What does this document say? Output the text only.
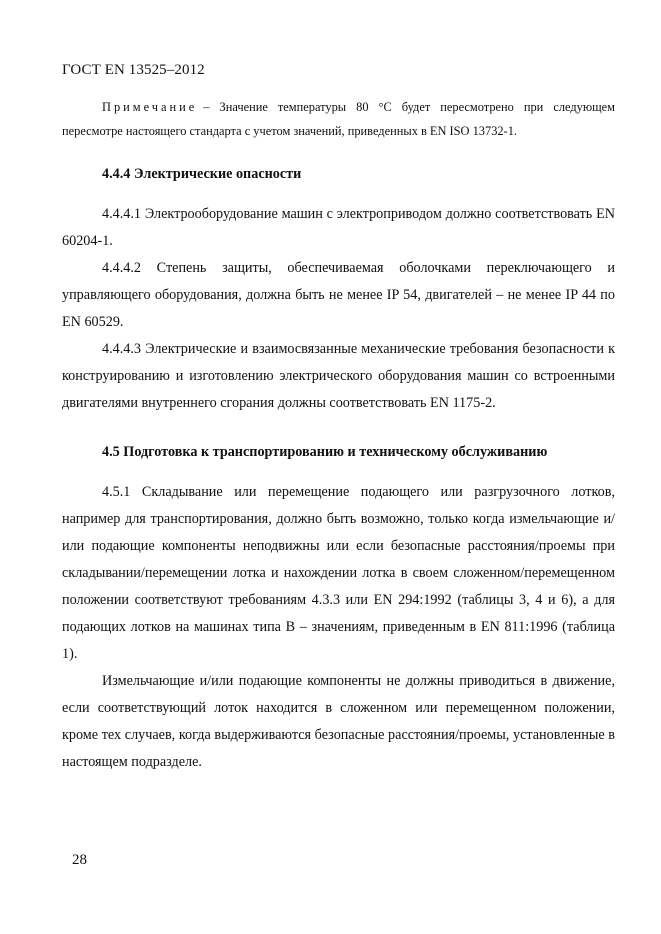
ГОСТ EN 13525–2012
Примечание – Значение температуры 80 °C будет пересмотрено при следующем пересмотре настоящего стандарта с учетом значений, приведенных в EN ISO 13732-1.
4.4.4 Электрические опасности

4.4.4.1 Электрооборудование машин с электроприводом должно соответствовать EN 60204-1.

4.4.4.2 Степень защиты, обеспечиваемая оболочками переключающего и управляющего оборудования, должна быть не менее IP 54, двигателей – не менее IP 44 по EN 60529.

4.4.4.3 Электрические и взаимосвязанные механические требования безопасности к конструированию и изготовлению электрического оборудования машин со встроенными двигателями внутреннего сгорания должны соответствовать EN 1175-2.

4.5 Подготовка к транспортированию и техническому обслуживанию

4.5.1 Складывание или перемещение подающего или разгрузочного лотков, например для транспортирования, должно быть возможно, только когда измельчающие и/или подающие компоненты неподвижны или если безопасные расстояния/проемы при складывании/перемещении лотка и нахождении лотка в своем сложенном/перемещенном положении соответствуют требованиям 4.3.3 или EN 294:1992 (таблицы 3, 4 и 6), а для подающих лотков на машинах типа В – значениям, приведенным в EN 811:1996 (таблица 1).

Измельчающие и/или подающие компоненты не должны приводиться в движение, если соответствующий лоток находится в сложенном или перемещенном положении, кроме тех случаев, когда выдерживаются безопасные расстояния/проемы, установленные в настоящем подразделе.

28
